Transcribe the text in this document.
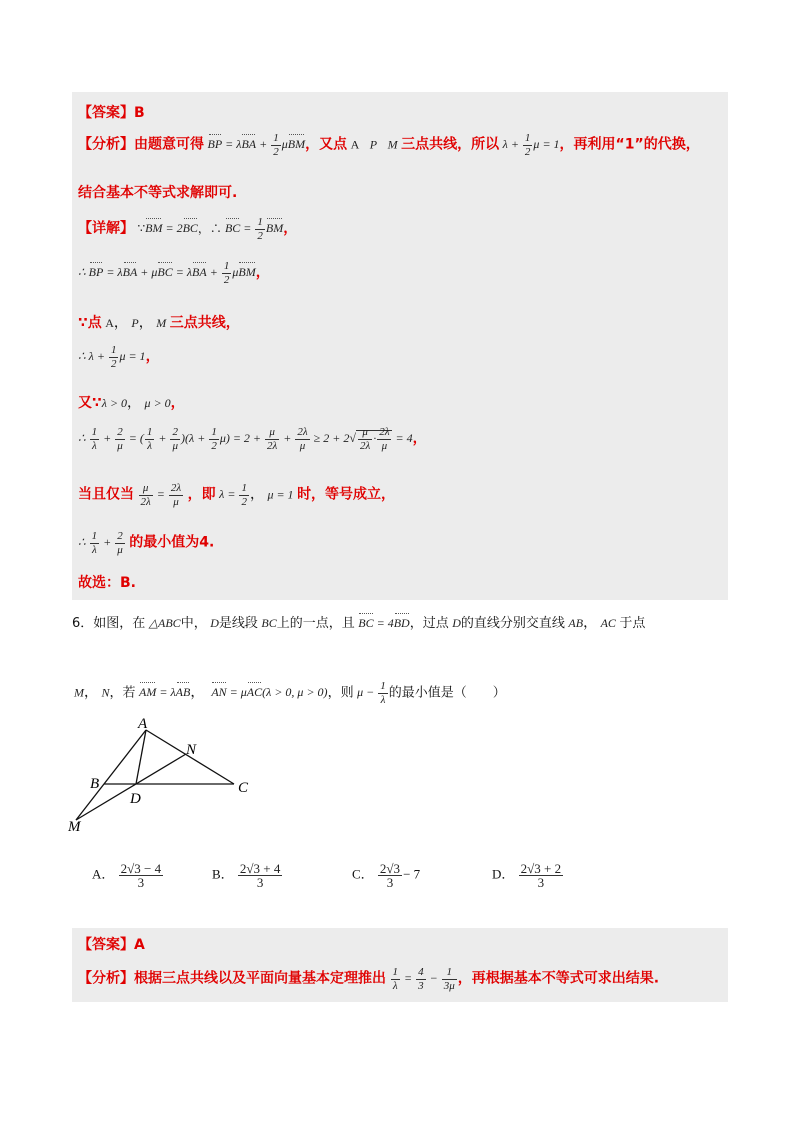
【答案】B
【分析】由题意可得 BP = $\lambda BA + \frac{1}{2}$ μBM，又点 A P M 三点共线，所以 $\lambda + \frac{1}{2}$ μ = 1，再利用“1”的代换，
结合基本不等式求解即可.
【详解】 ∵BM = 2BC，∴ BC = $\frac{1}{2}$ BM，
∴ BP = $\lambda BA + \mu BC = \lambda BA + \frac{1}{2}$ μBM，
∵点 A， P， M 三点共线，
∴ $\lambda + \frac{1}{2}$ μ = 1，
又∵λ > 0， μ > 0，
∴ $\frac{1}{\lambda} + \frac{2}{\mu}$ = ( $\frac{1}{\lambda} + \frac{2}{\mu} )(\lambda + \frac{1}{2} \mu) = 2 + \frac{\mu}{2\lambda} + \frac{2\lambda}{\mu} \ge 2 + 2√ \frac{\mu}{2\lambda} \cdot \frac{2\lambda}{\mu} = 4$，
当且仅当 $\frac{\mu}{2\lambda} = \frac{2\lambda}{\mu}$ ，即 $\lambda = \frac{1}{2}$ ， μ = 1 时，等号成立，
∴ $\frac{1}{\lambda} + \frac{2}{\mu}$ 的最小值为4.
故选：B.
6．如图，在 △ABC中， D是线段 BC上的一点，且 BC = 4BD，过点 D的直线分别交直线 AB， AC 于点
M， N，若 AM = λAB，  AN = μAC(λ > 0, μ > 0)，则 $\mu - \frac{1}{\lambda}$ 的最小值是（　　）
A
N
B
D
C
M
A． $\frac{2√3 - 4}{3}$	B． $\frac{2√3 + 4}{3}$	C． $\frac{2√3}{3} - 7$	D． $\frac{2√3 + 2}{3}$
【答案】A
【分析】根据三点共线以及平面向量基本定理推出 $\frac{1}{\lambda} = \frac{4}{3} - \frac{1}{3\mu}$ ，再根据基本不等式可求出结果.
